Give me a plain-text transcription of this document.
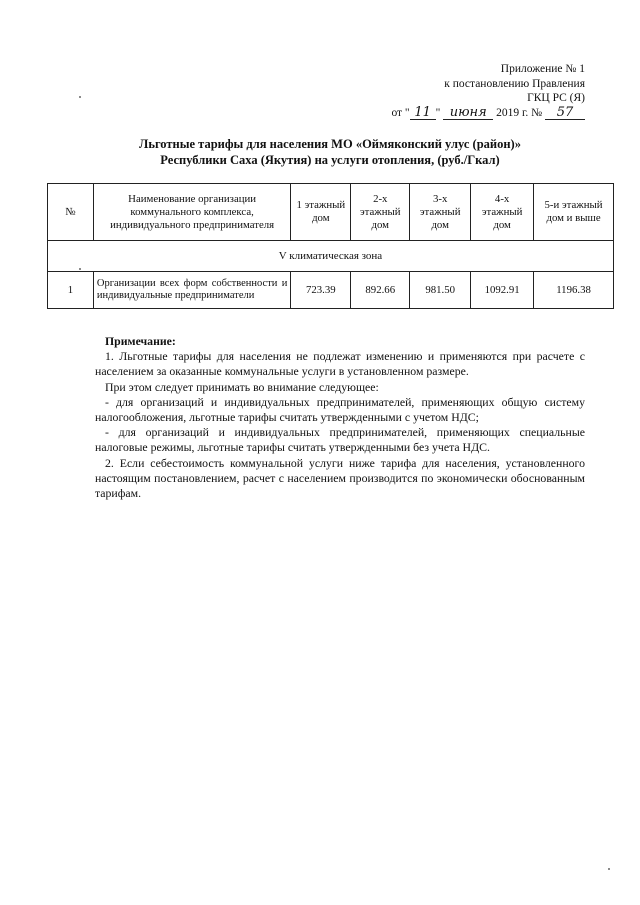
Приложение № 1
к постановлению Правления
ГКЦ РС (Я)
от " 11 " июня 2019 г. № 57
Льготные тарифы для населения МО «Оймяконский улус (район)»
Республики Саха (Якутия) на услуги отопления, (руб./Гкал)
№	Наименование организации коммунального комплекса, индивидуального предпринимателя	1 этажный дом	2-х этажный дом	3-х этажный дом	4-х этажный дом	5-и этажный дом и выше
V климатическая зона						
1	Организации всех форм собственности и индивидуальные предприниматели	723.39	892.66	981.50	1092.91	1196.38
Примечание:

1. Льготные тарифы для населения не подлежат изменению и применяются при расчете с населением за оказанные коммунальные услуги в установленном размере.

При этом следует принимать во внимание следующее:

- для организаций и индивидуальных предпринимателей, применяющих общую систему налогообложения, льготные тарифы считать утвержденными с учетом НДС;

- для организаций и индивидуальных предпринимателей, применяющих специальные налоговые режимы, льготные тарифы считать утвержденными без учета НДС.

2. Если себестоимость коммунальной услуги ниже тарифа для населения, установленного настоящим постановлением, расчет с населением производится по экономически обоснованным тарифам.
